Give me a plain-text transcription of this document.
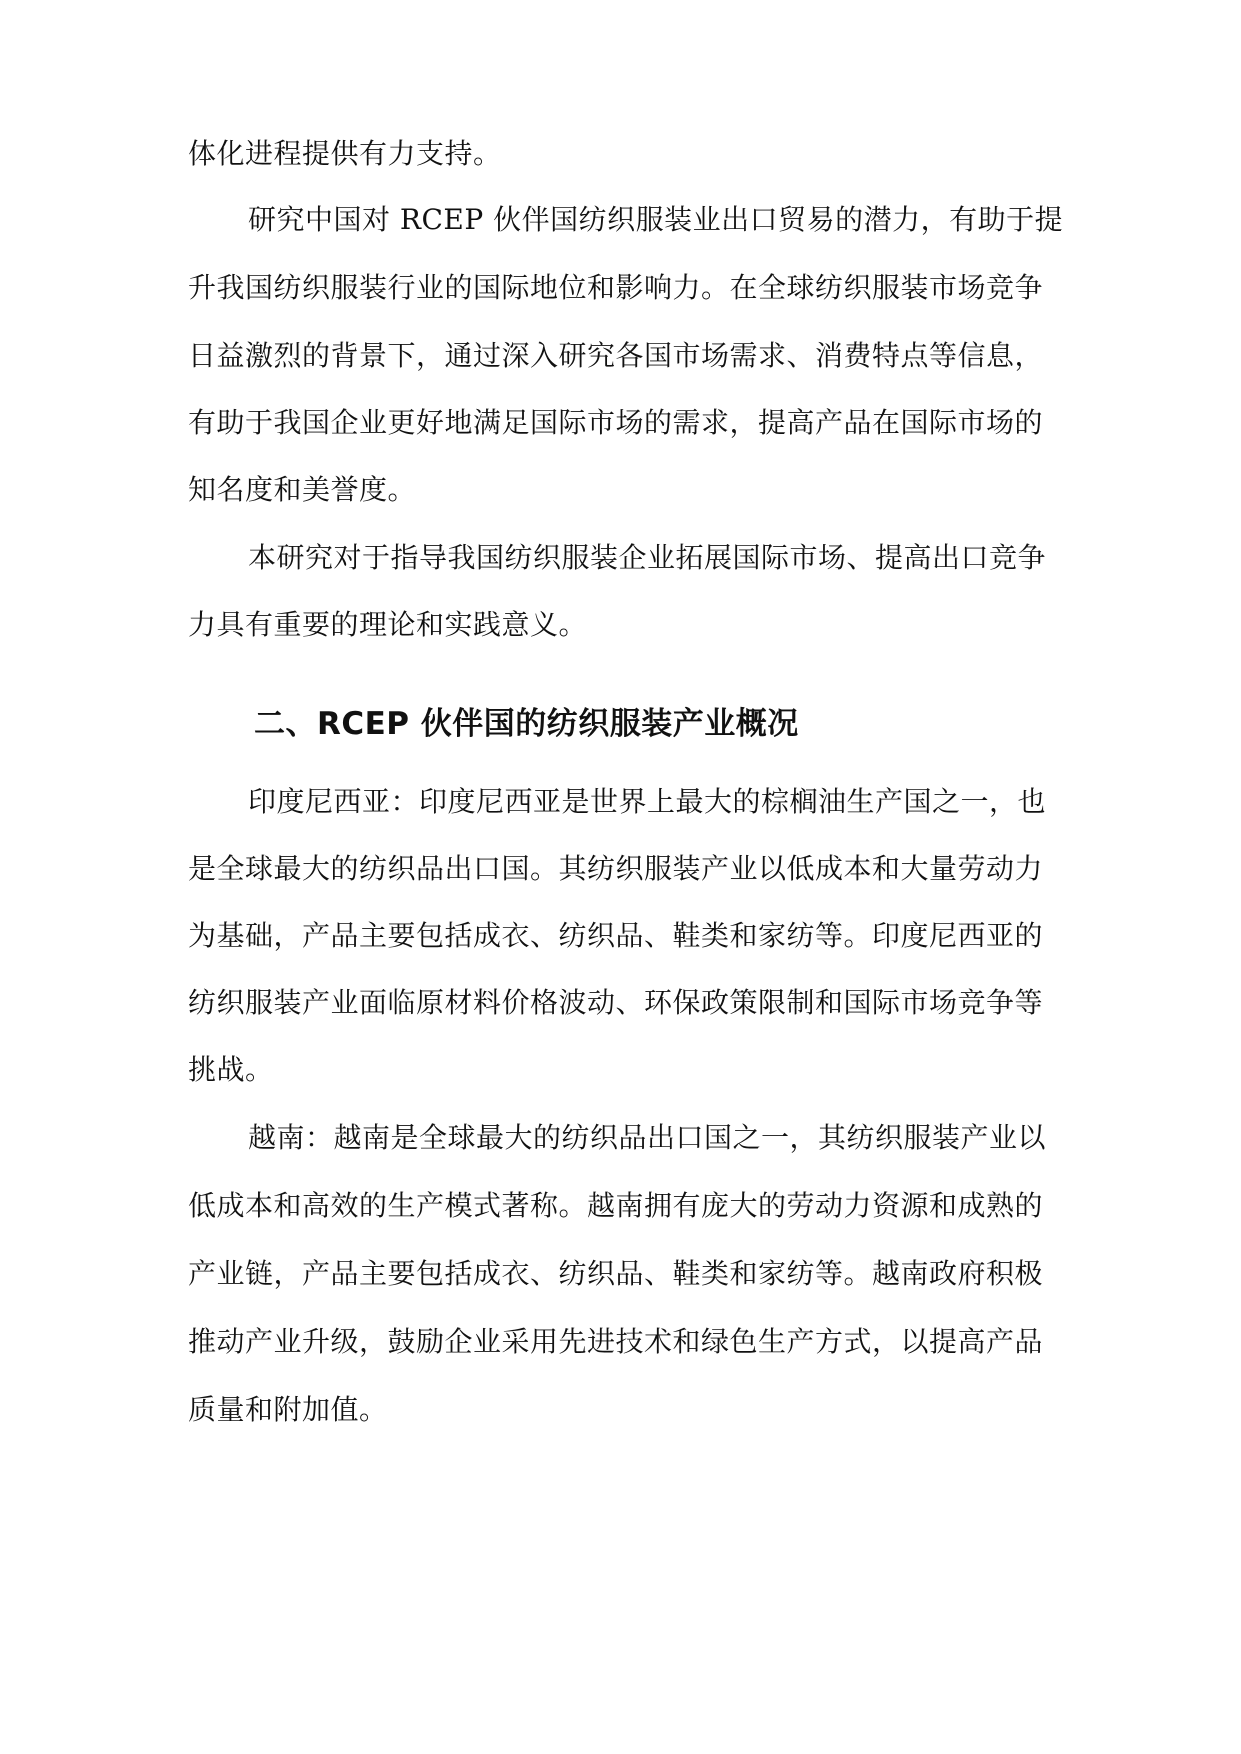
体化进程提供有力支持。
研究中国对 RCEP 伙伴国纺织服装业出口贸易的潜力，有助于提
升我国纺织服装行业的国际地位和影响力。在全球纺织服装市场竞争
日益激烈的背景下，通过深入研究各国市场需求、消费特点等信息，
有助于我国企业更好地满足国际市场的需求，提高产品在国际市场的
知名度和美誉度。
本研究对于指导我国纺织服装企业拓展国际市场、提高出口竞争
力具有重要的理论和实践意义。
二、RCEP 伙伴国的纺织服装产业概况
印度尼西亚：印度尼西亚是世界上最大的棕榈油生产国之一，也
是全球最大的纺织品出口国。其纺织服装产业以低成本和大量劳动力
为基础，产品主要包括成衣、纺织品、鞋类和家纺等。印度尼西亚的
纺织服装产业面临原材料价格波动、环保政策限制和国际市场竞争等
挑战。
越南：越南是全球最大的纺织品出口国之一，其纺织服装产业以
低成本和高效的生产模式著称。越南拥有庞大的劳动力资源和成熟的
产业链，产品主要包括成衣、纺织品、鞋类和家纺等。越南政府积极
推动产业升级，鼓励企业采用先进技术和绿色生产方式，以提高产品
质量和附加值。
